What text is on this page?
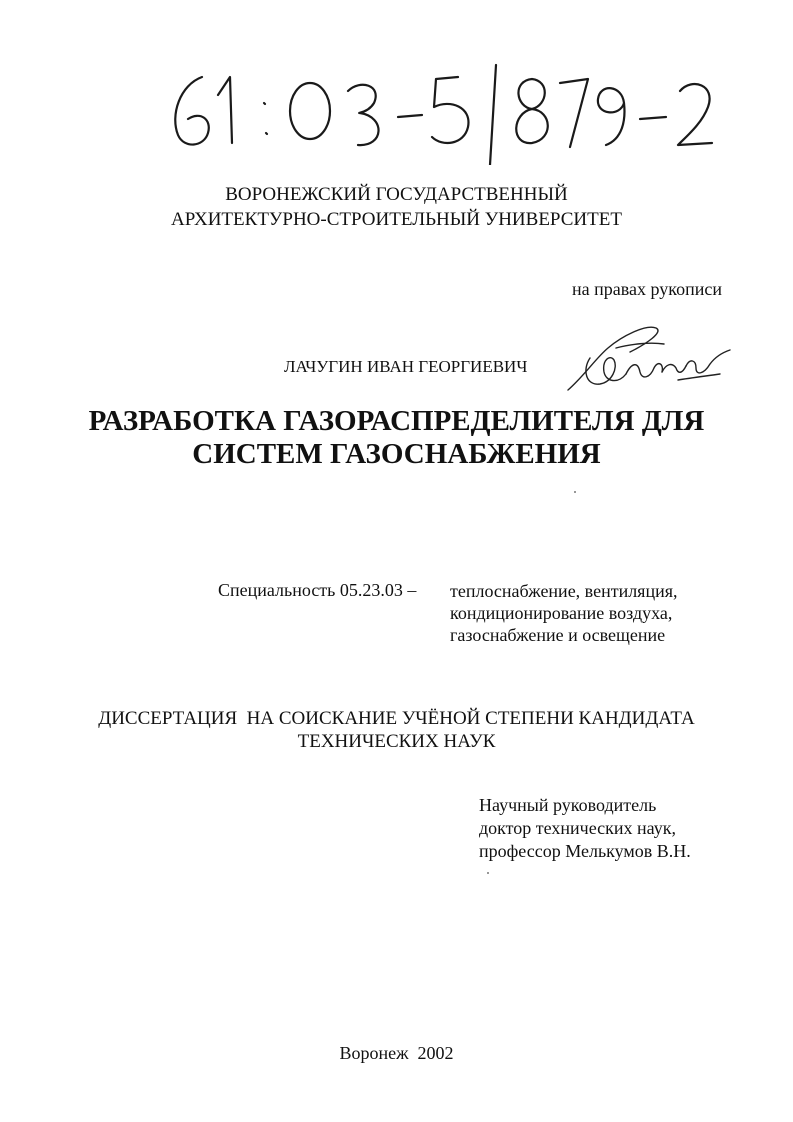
ВОРОНЕЖСКИЙ ГОСУДАРСТВЕННЫЙ
АРХИТЕКТУРНО-СТРОИТЕЛЬНЫЙ УНИВЕРСИТЕТ
на правах рукописи
ЛАЧУГИН ИВАН ГЕОРГИЕВИЧ
РАЗРАБОТКА ГАЗОРАСПРЕДЕЛИТЕЛЯ ДЛЯ
СИСТЕМ ГАЗОСНАБЖЕНИЯ
Специальность 05.23.03 – теплоснабжение, вентиляция,
кондиционирование воздуха,
газоснабжение и освещение
ДИССЕРТАЦИЯ  НА СОИСКАНИЕ УЧЁНОЙ СТЕПЕНИ КАНДИДАТА
ТЕХНИЧЕСКИХ НАУК
Научный руководитель
доктор технических наук,
профессор Мелькумов В.Н.
Воронеж  2002
